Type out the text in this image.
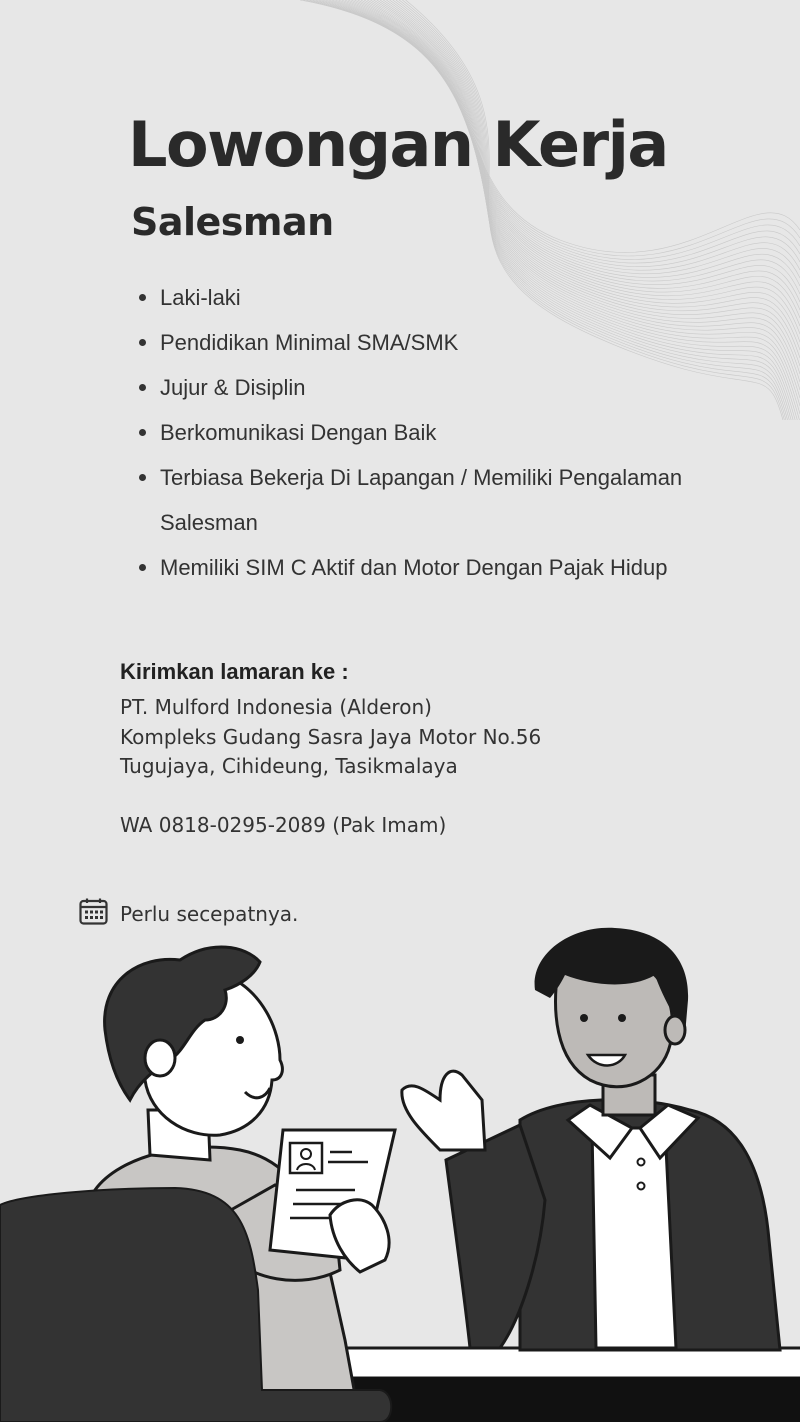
Lowongan Kerja
Salesman
Laki-laki
Pendidikan Minimal SMA/SMK
Jujur & Disiplin
Berkomunikasi Dengan Baik
Terbiasa Bekerja Di Lapangan / Memiliki Pengalaman Salesman
Memiliki SIM C Aktif dan Motor Dengan Pajak Hidup

Kirimkan lamaran ke :

PT. Mulford Indonesia (Alderon)

Kompleks Gudang Sasra Jaya Motor No.56

Tugujaya, Cihideung, Tasikmalaya

WA 0818-0295-2089 (Pak Imam)

Perlu secepatnya.
